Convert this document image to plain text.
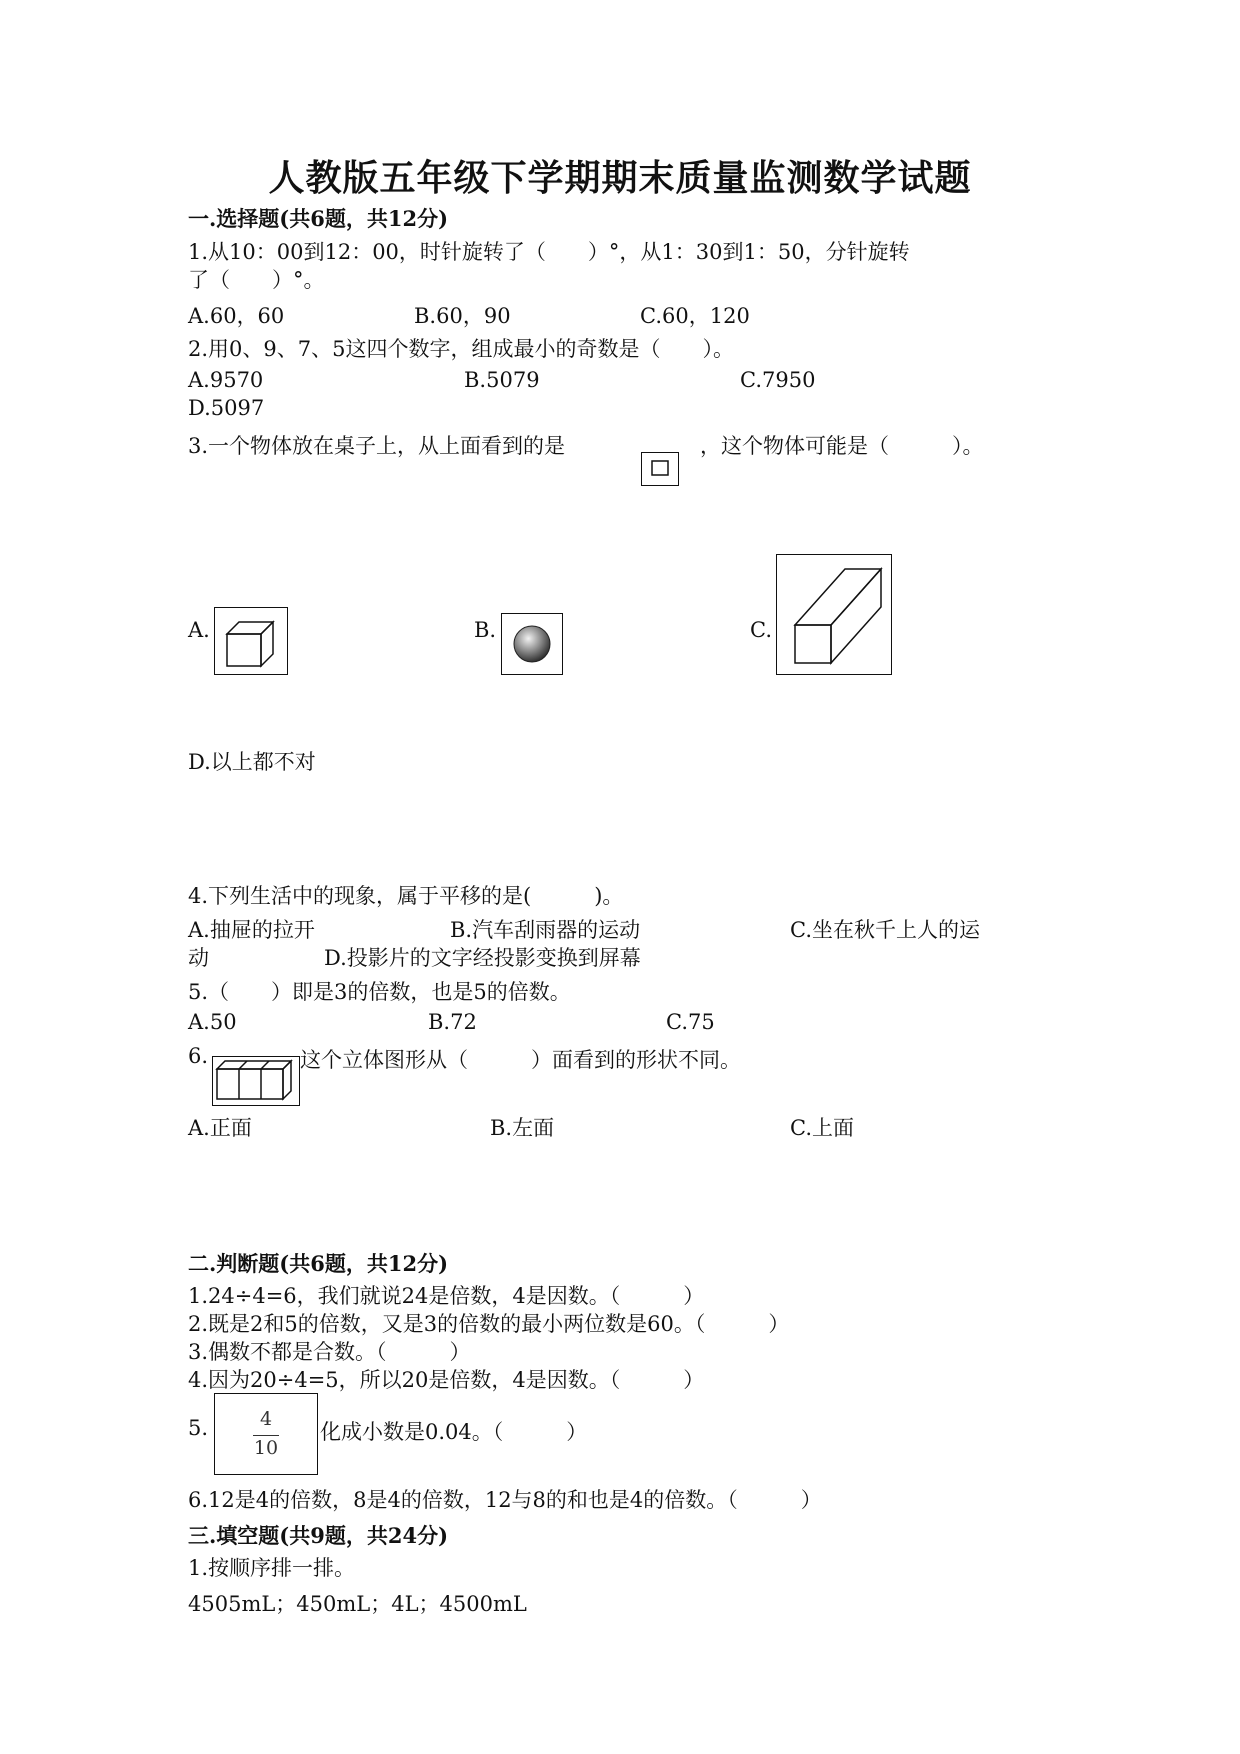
人教版五年级下学期期末质量监测数学试题
一.选择题(共6题，共12分)
1.从10：00到12：00，时针旋转了（　　）°，从1：30到1：50，分针旋转
了（　　）°。
A.60，60	B.60，90	C.60，120
2.用0、9、7、5这四个数字，组成最小的奇数是（　　）。
A.9570	B.5079	C.7950
D.5097
3.一个物体放在桌子上，从上面看到的是	，这个物体可能是（　　　）。
A.	B.	C.
D.以上都不对
4.下列生活中的现象，属于平移的是(　　　)。
A.抽屉的拉开	B.汽车刮雨器的运动	C.坐在秋千上人的运
动	D.投影片的文字经投影变换到屏幕
5.（　　）即是3的倍数，也是5的倍数。
A.50	B.72	C.75
6.	这个立体图形从（　　　）面看到的形状不同。
A.正面	B.左面	C.上面
二.判断题(共6题，共12分)
1.24÷4=6，我们就说24是倍数，4是因数。（　　　）
2.既是2和5的倍数，又是3的倍数的最小两位数是60。（　　　）
3.偶数不都是合数。（　　　）
4.因为20÷4=5，所以20是倍数，4是因数。（　　　）
5.	4
10
化成小数是0.04。（　　　）
6.12是4的倍数，8是4的倍数，12与8的和也是4的倍数。（　　　）
三.填空题(共9题，共24分)
1.按顺序排一排。
4505mL；450mL；4L；4500mL
